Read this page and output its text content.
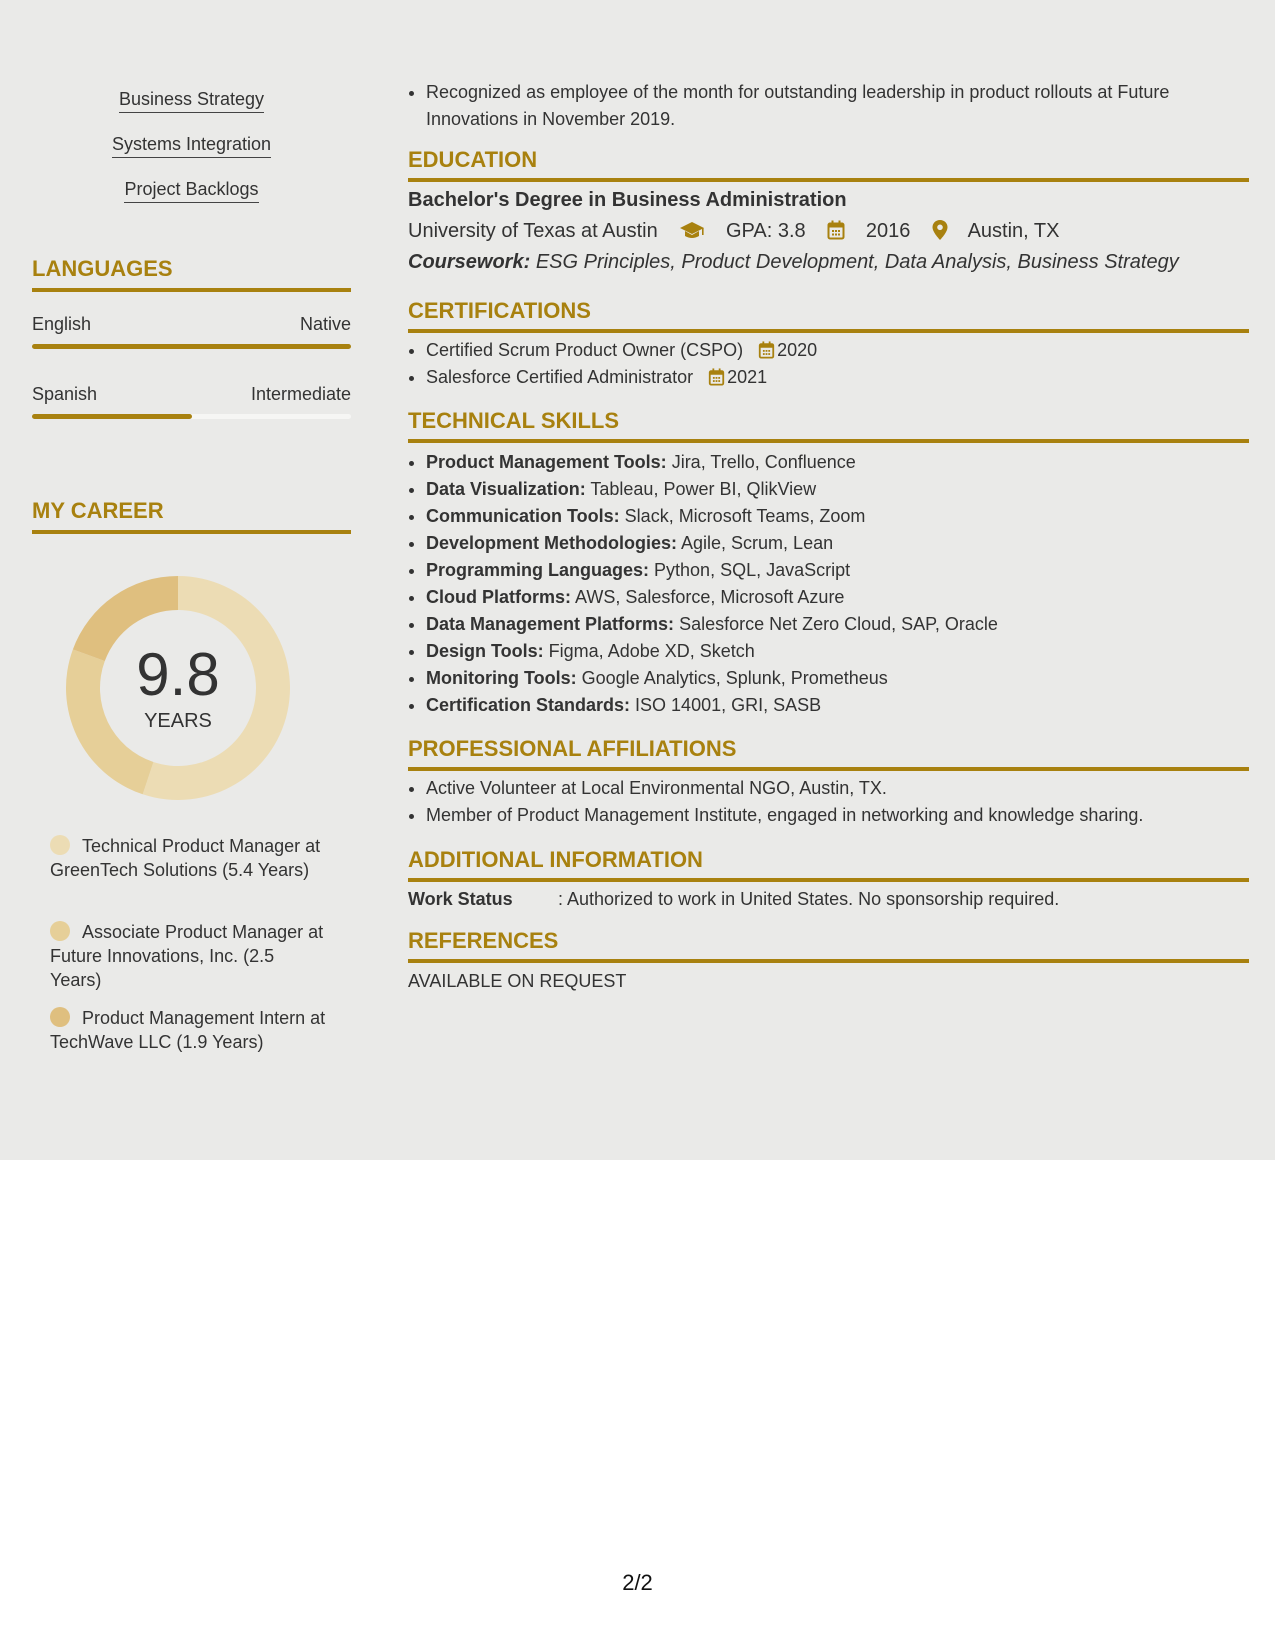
Business Strategy
Systems Integration
Project Backlogs
LANGUAGES
English	Native
Spanish	Intermediate
MY CAREER
9.8
YEARS
Technical Product Manager at GreenTech Solutions (5.4 Years)
Associate Product Manager at Future Innovations, Inc. (2.5 Years)
Product Management Intern at TechWave LLC (1.9 Years)
• Recognized as employee of the month for outstanding leadership in product rollouts at Future Innovations in November 2019.
EDUCATION
Bachelor's Degree in Business Administration
University of Texas at Austin	GPA: 3.8	2016	Austin, TX
Coursework: ESG Principles, Product Development, Data Analysis, Business Strategy
CERTIFICATIONS
• Certified Scrum Product Owner (CSPO) 2020
• Salesforce Certified Administrator 2021
TECHNICAL SKILLS
• Product Management Tools: Jira, Trello, Confluence
• Data Visualization: Tableau, Power BI, QlikView
• Communication Tools: Slack, Microsoft Teams, Zoom
• Development Methodologies: Agile, Scrum, Lean
• Programming Languages: Python, SQL, JavaScript
• Cloud Platforms: AWS, Salesforce, Microsoft Azure
• Data Management Platforms: Salesforce Net Zero Cloud, SAP, Oracle
• Design Tools: Figma, Adobe XD, Sketch
• Monitoring Tools: Google Analytics, Splunk, Prometheus
• Certification Standards: ISO 14001, GRI, SASB
PROFESSIONAL AFFILIATIONS
• Active Volunteer at Local Environmental NGO, Austin, TX.
• Member of Product Management Institute, engaged in networking and knowledge sharing.
ADDITIONAL INFORMATION
Work Status	: Authorized to work in United States. No sponsorship required.
REFERENCES
AVAILABLE ON REQUEST
2/2
